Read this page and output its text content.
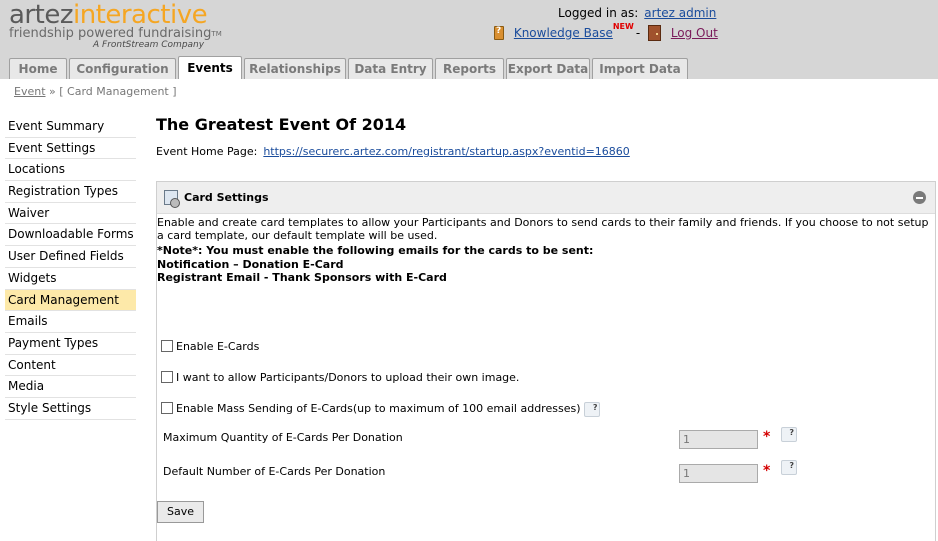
artezinteractive
friendship powered fundraising™
A FrontStream Company
Logged in as: artez admin
? Knowledge Base$^{NEW}$ -	Log Out
Home	Configuration	Events	Relationships	Data Entry	Reports Export Data Import Data
Event » [ Card Management ]
Event Summary
Event Settings
Locations
Registration Types
Waiver
Downloadable Forms
User Defined Fields
Widgets
Card Management
Emails
Payment Types
Content
Media
Style Settings
The Greatest Event Of 2014
Event Home Page: https://securerc.artez.com/registrant/startup.aspx?eventid=16860
Card Settings
Enable and create card templates to allow your Participants and Donors to send cards to their family and friends. If you choose to not setup a card template, our default template will be used.
*Note*: You must enable the following emails for the cards to be sent:
Notification – Donation E-Card
Registrant Email - Thank Sponsors with E-Card
Enable E-Cards
I want to allow Participants/Donors to upload their own image.
Enable Mass Sending of E-Cards(up to maximum of 100 email addresses) ?
Maximum Quantity of E-Cards Per Donation
1	*	?
Default Number of E-Cards Per Donation
1	*	?
Save
